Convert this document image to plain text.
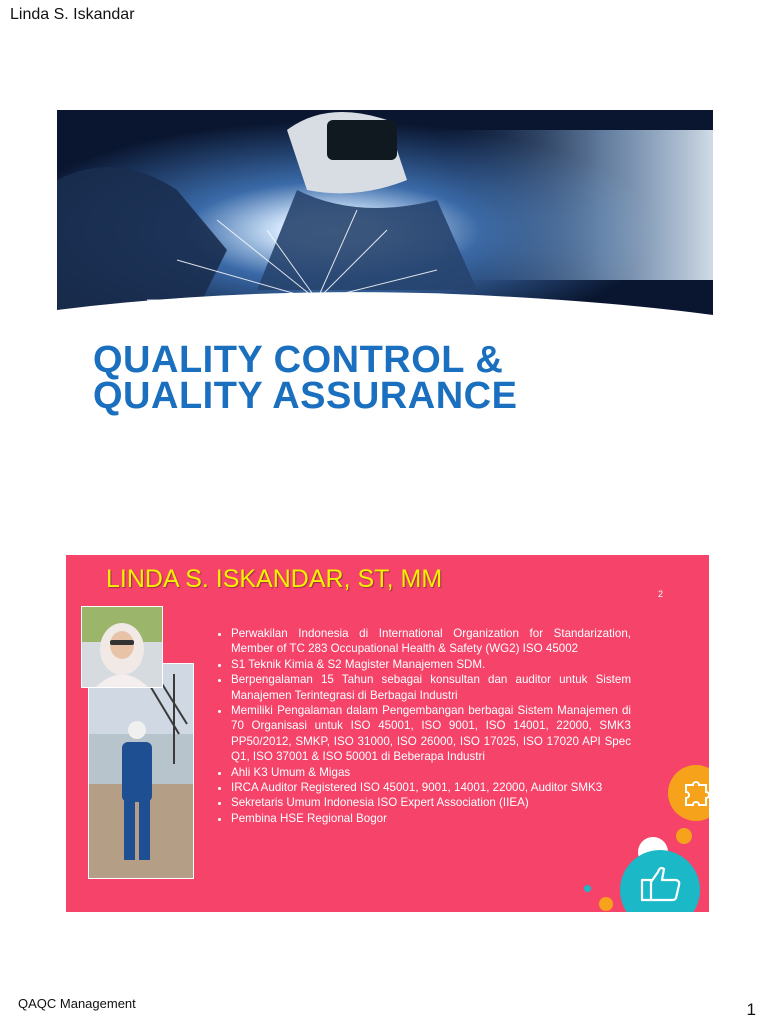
Linda S. Iskandar
QUALITY CONTROL &
QUALITY ASSURANCE
LINDA S. ISKANDAR, ST, MM
2
• Perwakilan Indonesia di International Organization for Standarization, Member of TC 283 Occupational Health & Safety (WG2) ISO 45002
• S1 Teknik Kimia & S2 Magister Manajemen SDM.
• Berpengalaman 15 Tahun sebagai konsultan dan auditor untuk Sistem Manajemen Terintegrasi di Berbagai Industri
• Memiliki Pengalaman dalam Pengembangan berbagai Sistem Manajemen di 70 Organisasi untuk ISO 45001, ISO 9001, ISO 14001, 22000, SMK3 PP50/2012, SMKP, ISO 31000, ISO 26000, ISO 17025, ISO 17020 API Spec Q1, ISO 37001 & ISO 50001 di Beberapa Industri
• Ahli K3 Umum & Migas
• IRCA Auditor Registered ISO 45001, 9001, 14001, 22000, Auditor SMK3
• Sekretaris Umum Indonesia ISO Expert Association (IIEA)
• Pembina HSE Regional Bogor
QAQC Management	1
